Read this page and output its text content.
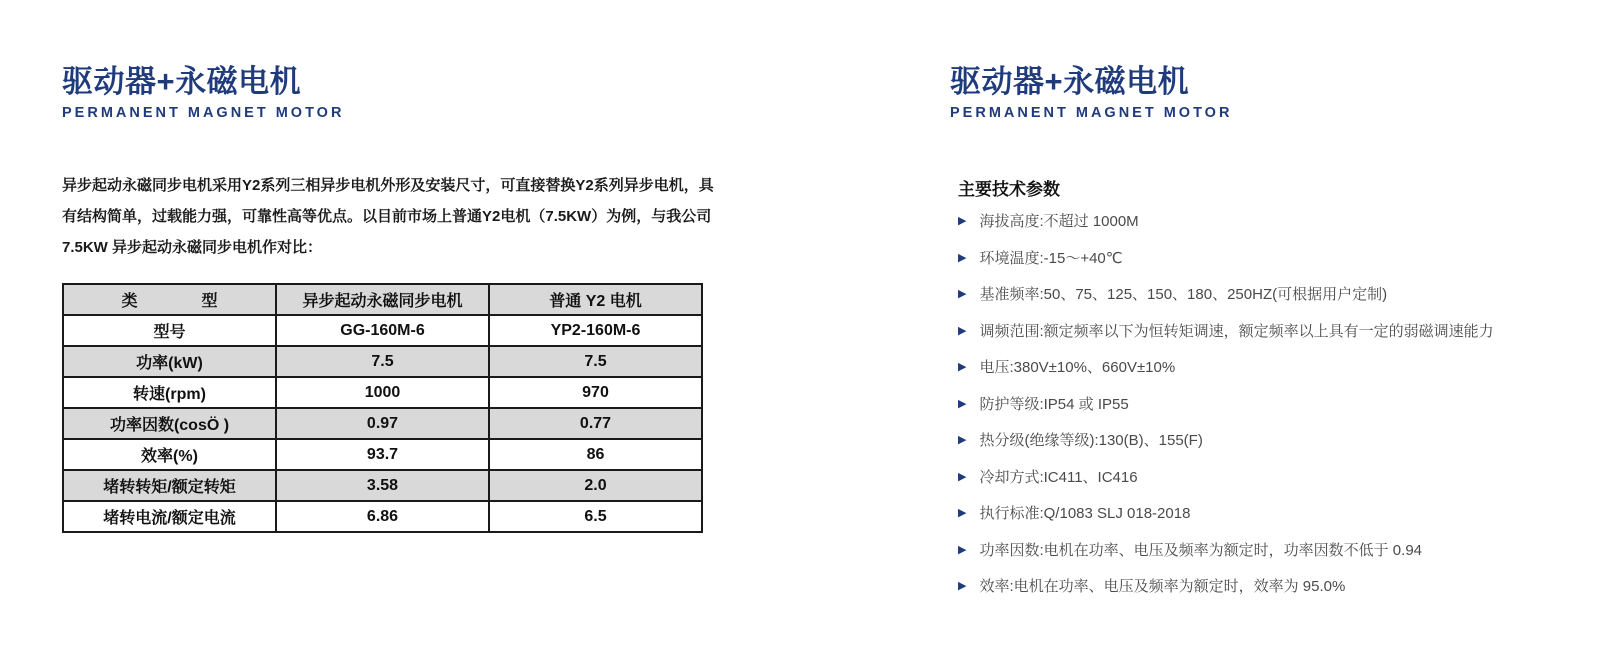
驱动器+永磁电机
PERMANENT MAGNET MOTOR
异步起动永磁同步电机采用Y2系列三相异步电机外形及安装尺寸，可直接替换Y2系列异步电机，具
有结构简单，过载能力强，可靠性高等优点。以目前市场上普通Y2电机（7.5KW）为例，与我公司
7.5KW 异步起动永磁同步电机作对比：
类　　　　型	异步起动永磁同步电机	普通 Y2 电机
型号	GG-160M-6	YP2-160M-6
功率(kW)	7.5	7.5
转速(rpm)	1000	970
功率因数(cosÖ )	0.97	0.77
效率(%)	93.7	86
堵转转矩/额定转矩	3.58	2.0
堵转电流/额定电流	6.86	6.5
驱动器+永磁电机
PERMANENT MAGNET MOTOR
主要技术参数
▶ 海拔高度:不超过 1000M
▶ 环境温度:-15～+40℃
▶ 基准频率:50、75、125、150、180、250HZ(可根据用户定制)
▶ 调频范围:额定频率以下为恒转矩调速，额定频率以上具有一定的弱磁调速能力
▶ 电压:380V±10%、660V±10%
▶ 防护等级:IP54 或 IP55
▶ 热分级(绝缘等级):130(B)、155(F)
▶ 冷却方式:IC411、IC416
▶ 执行标准:Q/1083 SLJ 018-2018
▶ 功率因数:电机在功率、电压及频率为额定时，功率因数不低于 0.94
▶ 效率:电机在功率、电压及频率为额定时，效率为 95.0%
